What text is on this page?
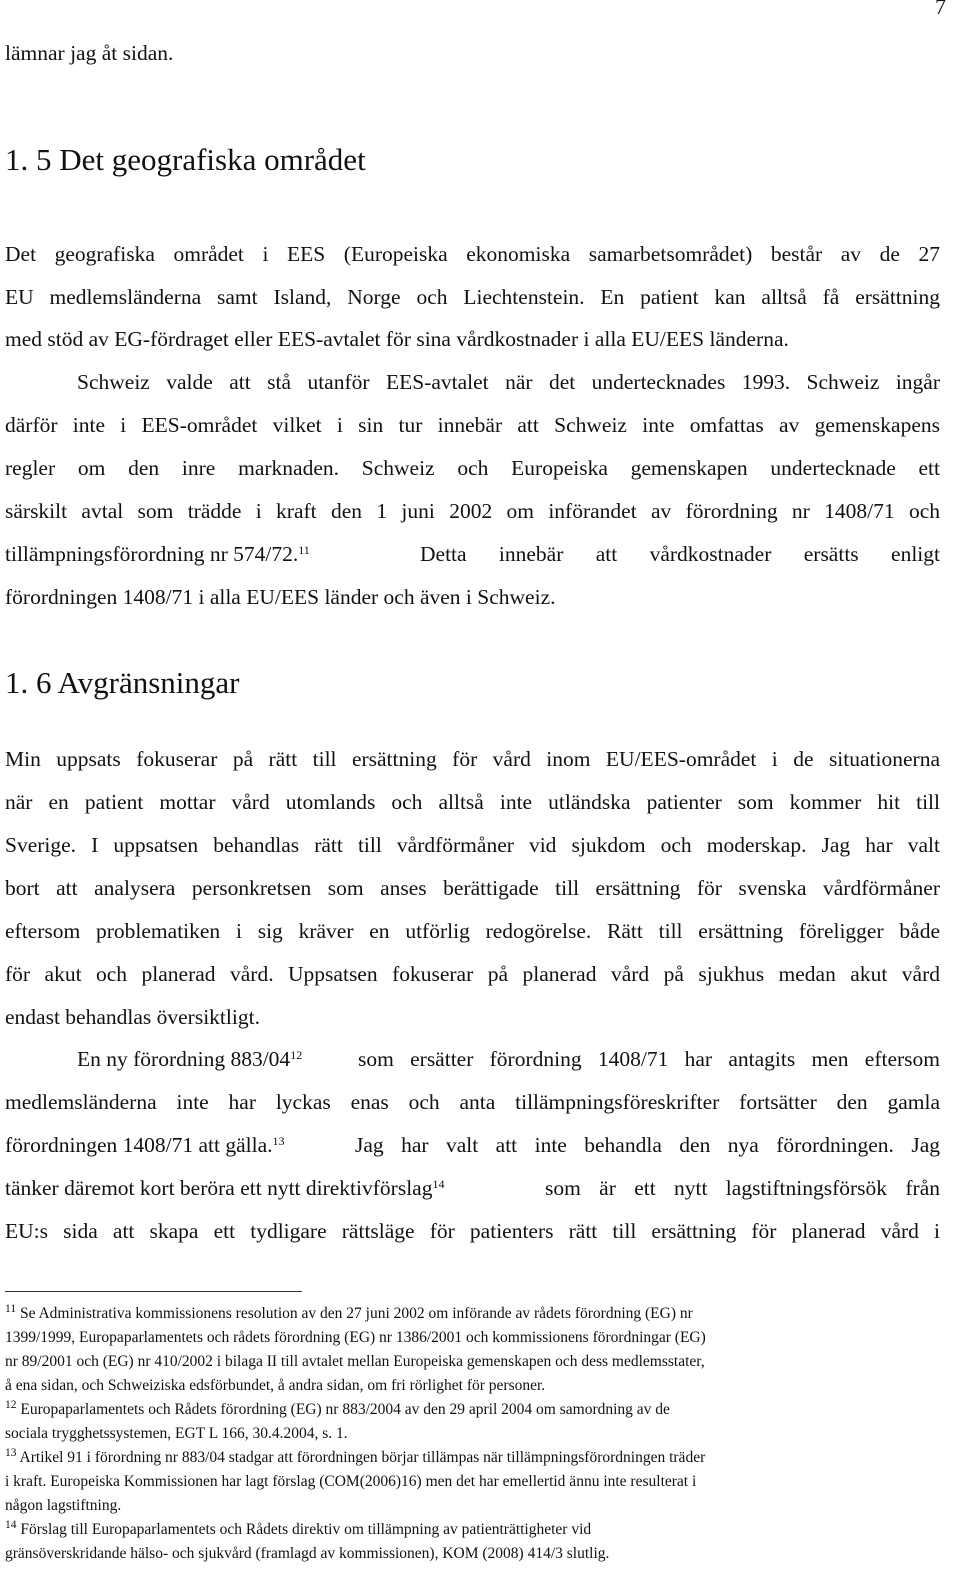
7
lämnar jag åt sidan.
1. 5 Det geografiska området
Det geografiska området i EES (Europeiska ekonomiska samarbetsområdet) består av de 27
EU medlemsländerna samt Island, Norge och Liechtenstein. En patient kan alltså få ersättning
med stöd av EG-fördraget eller EES-avtalet för sina vårdkostnader i alla EU/EES länderna.
Schweiz valde att stå utanför EES-avtalet när det undertecknades 1993. Schweiz ingår
därför inte i EES-området vilket i sin tur innebär att Schweiz inte omfattas av gemenskapens
regler om den inre marknaden. Schweiz och Europeiska gemenskapen undertecknade ett
särskilt avtal som trädde i kraft den 1 juni 2002 om införandet av förordning nr 1408/71 och
tillämpningsförordning nr 574/72.11	Detta innebär att vårdkostnader ersätts enligt
förordningen 1408/71 i alla EU/EES länder och även i Schweiz.
1. 6 Avgränsningar
Min uppsats fokuserar på rätt till ersättning för vård inom EU/EES-området i de situationerna
när en patient mottar vård utomlands och alltså inte utländska patienter som kommer hit till
Sverige. I uppsatsen behandlas rätt till vårdförmåner vid sjukdom och moderskap. Jag har valt
bort att analysera personkretsen som anses berättigade till ersättning för svenska vårdförmåner
eftersom problematiken i sig kräver en utförlig redogörelse. Rätt till ersättning föreligger både
för akut och planerad vård. Uppsatsen fokuserar på planerad vård på sjukhus medan akut vård
endast behandlas översiktligt.
En ny förordning 883/04$^{12}$	som ersätter förordning 1408/71 har antagits men eftersom
medlemsländerna inte har lyckas enas och anta tillämpningsföreskrifter fortsätter den gamla
förordningen 1408/71 att gälla.$^{13}$	Jag har valt att inte behandla den nya förordningen. Jag
tänker däremot kort beröra ett nytt direktivförslag$^{14}$	som är ett nytt lagstiftningsförsök från
EU:s sida att skapa ett tydligare rättsläge för patienters rätt till ersättning för planerad vård i
$^{11}$ Se Administrativa kommissionens resolution av den 27 juni 2002 om införande av rådets förordning (EG) nr
1399/1999, Europaparlamentets och rådets förordning (EG) nr 1386/2001 och kommissionens förordningar (EG)
nr 89/2001 och (EG) nr 410/2002 i bilaga II till avtalet mellan Europeiska gemenskapen och dess medlemsstater,
å ena sidan, och Schweiziska edsförbundet, å andra sidan, om fri rörlighet för personer.
$^{12}$ Europaparlamentets och Rådets förordning (EG) nr 883/2004 av den 29 april 2004 om samordning av de
sociala trygghetssystemen, EGT L 166, 30.4.2004, s. 1.
$^{13}$ Artikel 91 i förordning nr 883/04 stadgar att förordningen börjar tillämpas när tillämpningsförordningen träder
i kraft. Europeiska Kommissionen har lagt förslag (COM(2006)16) men det har emellertid ännu inte resulterat i
någon lagstiftning.
$^{14}$ Förslag till Europaparlamentets och Rådets direktiv om tillämpning av patienträttigheter vid
gränsöverskridande hälso- och sjukvård (framlagd av kommissionen), KOM (2008) 414/3 slutlig.
